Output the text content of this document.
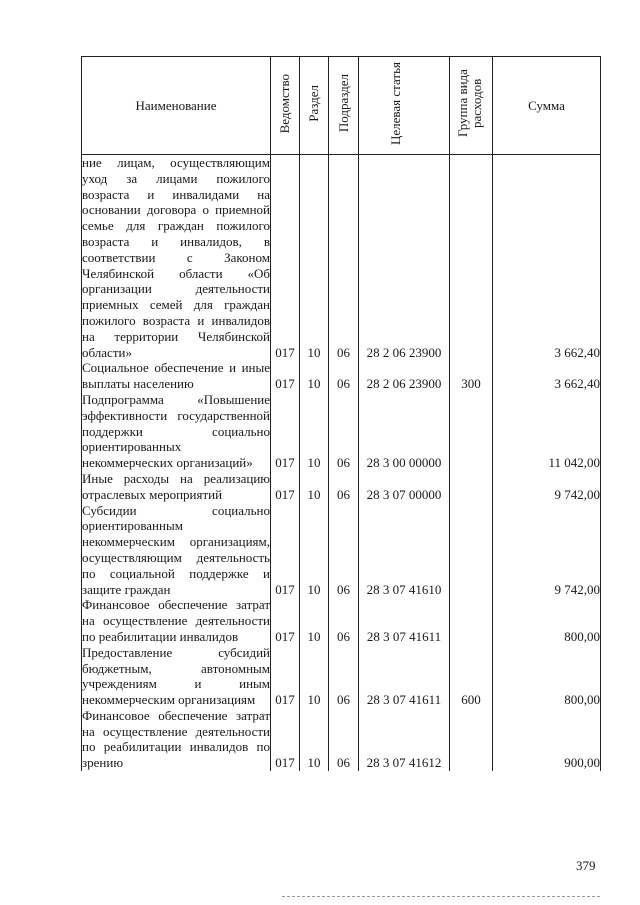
Наименование	Ведомство	Раздел	Подраздел	Целевая статья	Группа вида расходов	Сумма
ние лицам, осуществляющим уход за лицами пожилого возраста и инвалидами на основании договора о приемной семье для граждан пожилого возраста и инвалидов, в соответствии с Законом Челябинской области «Об организации деятельности приемных семей для граждан пожилого возраста и инвалидов на территории Челябинской области»	017	10	06	28 2 06 23900		3 662,40
Социальное обеспечение и иные выплаты населению	017	10	06	28 2 06 23900	300	3 662,40
Подпрограмма «Повышение эффективности государственной поддержки социально ориентированных некоммерческих организаций»	017	10	06	28 3 00 00000		11 042,00
Иные расходы на реализацию отраслевых мероприятий	017	10	06	28 3 07 00000		9 742,00
Субсидии социально ориентированным некоммерческим организациям, осуществляющим деятельность по социальной поддержке и защите граждан	017	10	06	28 3 07 41610		9 742,00
Финансовое обеспечение затрат на осуществление деятельности по реабилитации инвалидов	017	10	06	28 3 07 41611		800,00
Предоставление субсидий бюджетным, автономным учреждениям и иным некоммерческим организациям	017	10	06	28 3 07 41611	600	800,00
Финансовое обеспечение затрат на осуществление деятельности по реабилитации инвалидов по зрению	017	10	06	28 3 07 41612		900,00
379
